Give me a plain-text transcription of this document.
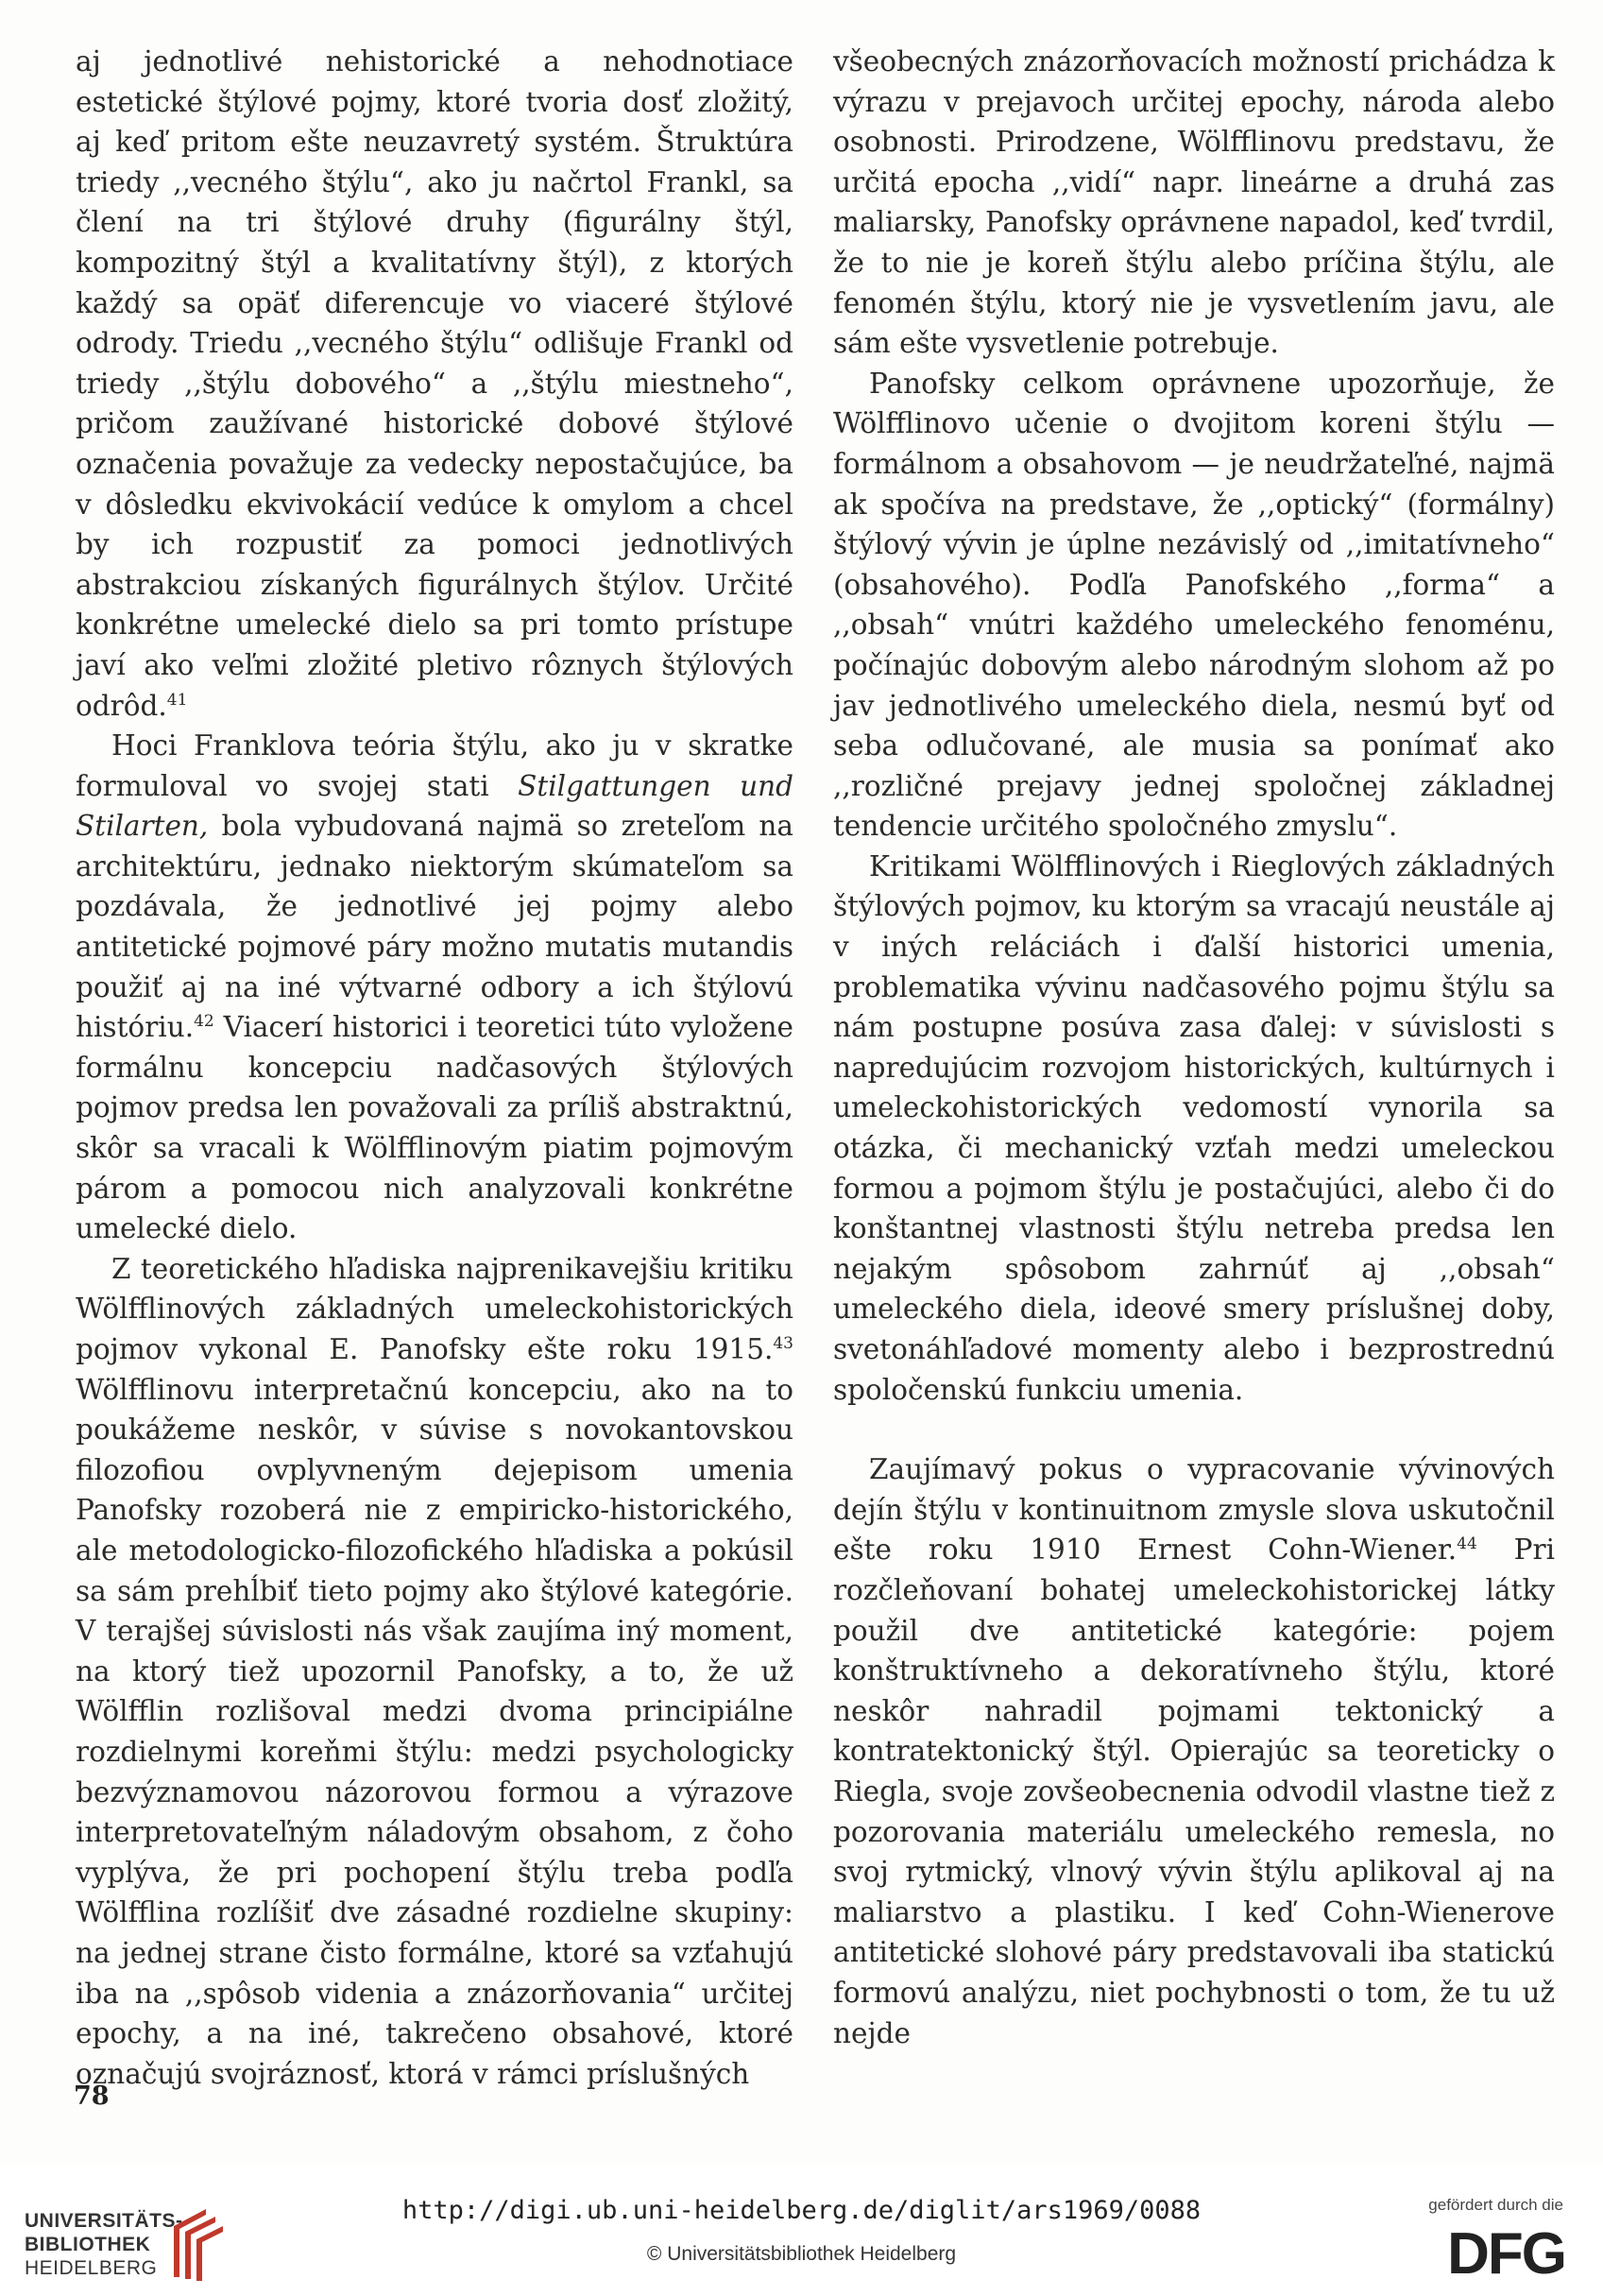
aj jednotlivé nehistorické a nehodnotiace estetické štýlové pojmy, ktoré tvoria dosť zložitý, aj keď pritom ešte neuzavretý systém. Štruktúra triedy ,,vecného štýlu“, ako ju načrtol Frankl, sa člení na tri štýlové druhy (figurálny štýl, kompozitný štýl a kvalitatívny štýl), z ktorých každý sa opäť diferencuje vo viaceré štýlové odrody. Triedu ,,vecného štýlu“ odlišuje Frankl od triedy ,,štýlu dobového“ a ,,štýlu miestneho“, pričom zaužívané historické dobové štýlové označenia považuje za vedecky nepostačujúce, ba v dôsledku ekvivokácií vedúce k omylom a chcel by ich rozpustiť za pomoci jednotlivých abstrakciou získaných figurálnych štýlov. Určité konkrétne umelecké dielo sa pri tomto prístupe javí ako veľmi zložité pletivo rôznych štýlových odrôd.$^{41}$

Hoci Franklova teória štýlu, ako ju v skratke formuloval vo svojej stati Stilgattungen und Stilarten, bola vybudovaná najmä so zreteľom na architektúru, jednako niektorým skúmateľom sa pozdávala, že jednotlivé jej pojmy alebo antitetické pojmové páry možno mutatis mutandis použiť aj na iné výtvarné odbory a ich štýlovú históriu.$^{42}$ Viacerí historici i teoretici túto vyložene formálnu koncepciu nadčasových štýlových pojmov predsa len považovali za príliš abstraktnú, skôr sa vracali k Wölfflinovým piatim pojmovým párom a pomocou nich analyzovali konkrétne umelecké dielo.

Z teoretického hľadiska najprenikavejšiu kritiku Wölfflinových základných umeleckohistorických pojmov vykonal E. Panofsky ešte roku 1915.43 Wölfflinovu interpretačnú koncepciu, ako na to poukážeme neskôr, v súvise s novokantovskou filozofiou ovplyvneným dejepisom umenia Panofsky rozoberá nie z empiricko-historického, ale metodologicko-filozofického hľadiska a pokúsil sa sám prehĺbiť tieto pojmy ako štýlové kategórie. V terajšej súvislosti nás však zaujíma iný moment, na ktorý tiež upozornil Panofsky, a to, že už Wölfflin rozlišoval medzi dvoma principiálne rozdielnymi koreňmi štýlu: medzi psychologicky bezvýznamovou názorovou formou a výrazove interpretovateľným náladovým obsahom, z čoho vyplýva, že pri pochopení štýlu treba podľa Wölfflina rozlíšiť dve zásadné rozdielne skupiny: na jednej strane čisto formálne, ktoré sa vzťahujú iba na ,,spôsob videnia a znázorňovania“ určitej epochy, a na iné, takrečeno obsahové, ktoré označujú svojráznosť, ktorá v rámci príslušných

všeobecných znázorňovacích možností prichádza k výrazu v prejavoch určitej epochy, národa alebo osobnosti. Prirodzene, Wölfflinovu predstavu, že určitá epocha ,,vidí“ napr. lineárne a druhá zas maliarsky, Panofsky oprávnene napadol, keď tvrdil, že to nie je koreň štýlu alebo príčina štýlu, ale fenomén štýlu, ktorý nie je vysvetlením javu, ale sám ešte vysvetlenie potrebuje.

Panofsky celkom oprávnene upozorňuje, že Wölfflinovo učenie o dvojitom koreni štýlu — formálnom a obsahovom — je neudržateľné, najmä ak spočíva na predstave, že ,,optický“ (formálny) štýlový vývin je úplne nezávislý od ,,imitatívneho“ (obsahového). Podľa Panofského ,,forma“ a ,,obsah“ vnútri každého umeleckého fenoménu, počínajúc dobovým alebo národným slohom až po jav jednotlivého umeleckého diela, nesmú byť od seba odlučované, ale musia sa ponímať ako ,,rozličné prejavy jednej spoločnej základnej tendencie určitého spoločného zmyslu“.

Kritikami Wölfflinových i Rieglových základných štýlových pojmov, ku ktorým sa vracajú neustále aj v iných reláciách i ďalší historici umenia, problematika vývinu nadčasového pojmu štýlu sa nám postupne posúva zasa ďalej: v súvislosti s napredujúcim rozvojom historických, kultúrnych i umeleckohistorických vedomostí vynorila sa otázka, či mechanický vzťah medzi umeleckou formou a pojmom štýlu je postačujúci, alebo či do konštantnej vlastnosti štýlu netreba predsa len nejakým spôsobom zahrnúť aj ,,obsah“ umeleckého diela, ideové smery príslušnej doby, svetonáhľadové momenty alebo i bezprostrednú spoločenskú funkciu umenia.

Zaujímavý pokus o vypracovanie vývinových dejín štýlu v kontinuitnom zmysle slova uskutočnil ešte roku 1910 Ernest Cohn-Wiener.$^{44}$ Pri rozčleňovaní bohatej umeleckohistorickej látky použil dve antitetické kategórie: pojem konštruktívneho a dekoratívneho štýlu, ktoré neskôr nahradil pojmami tektonický a kontratektonický štýl. Opierajúc sa teoreticky o Riegla, svoje zovšeobecnenia odvodil vlastne tiež z pozorovania materiálu umeleckého remesla, no svoj rytmický, vlnový vývin štýlu aplikoval aj na maliarstvo a plastiku. I keď Cohn-Wienerove antitetické slohové páry predstavovali iba statickú formovú analýzu, niet pochybnosti o tom, že tu už nejde

78
UNIVERSITÄTS-
BIBLIOTHEK
HEIDELBERG
http://digi.ub.uni-heidelberg.de/diglit/ars1969/0088
© Universitätsbibliothek Heidelberg
gefördert durch die
DFG
